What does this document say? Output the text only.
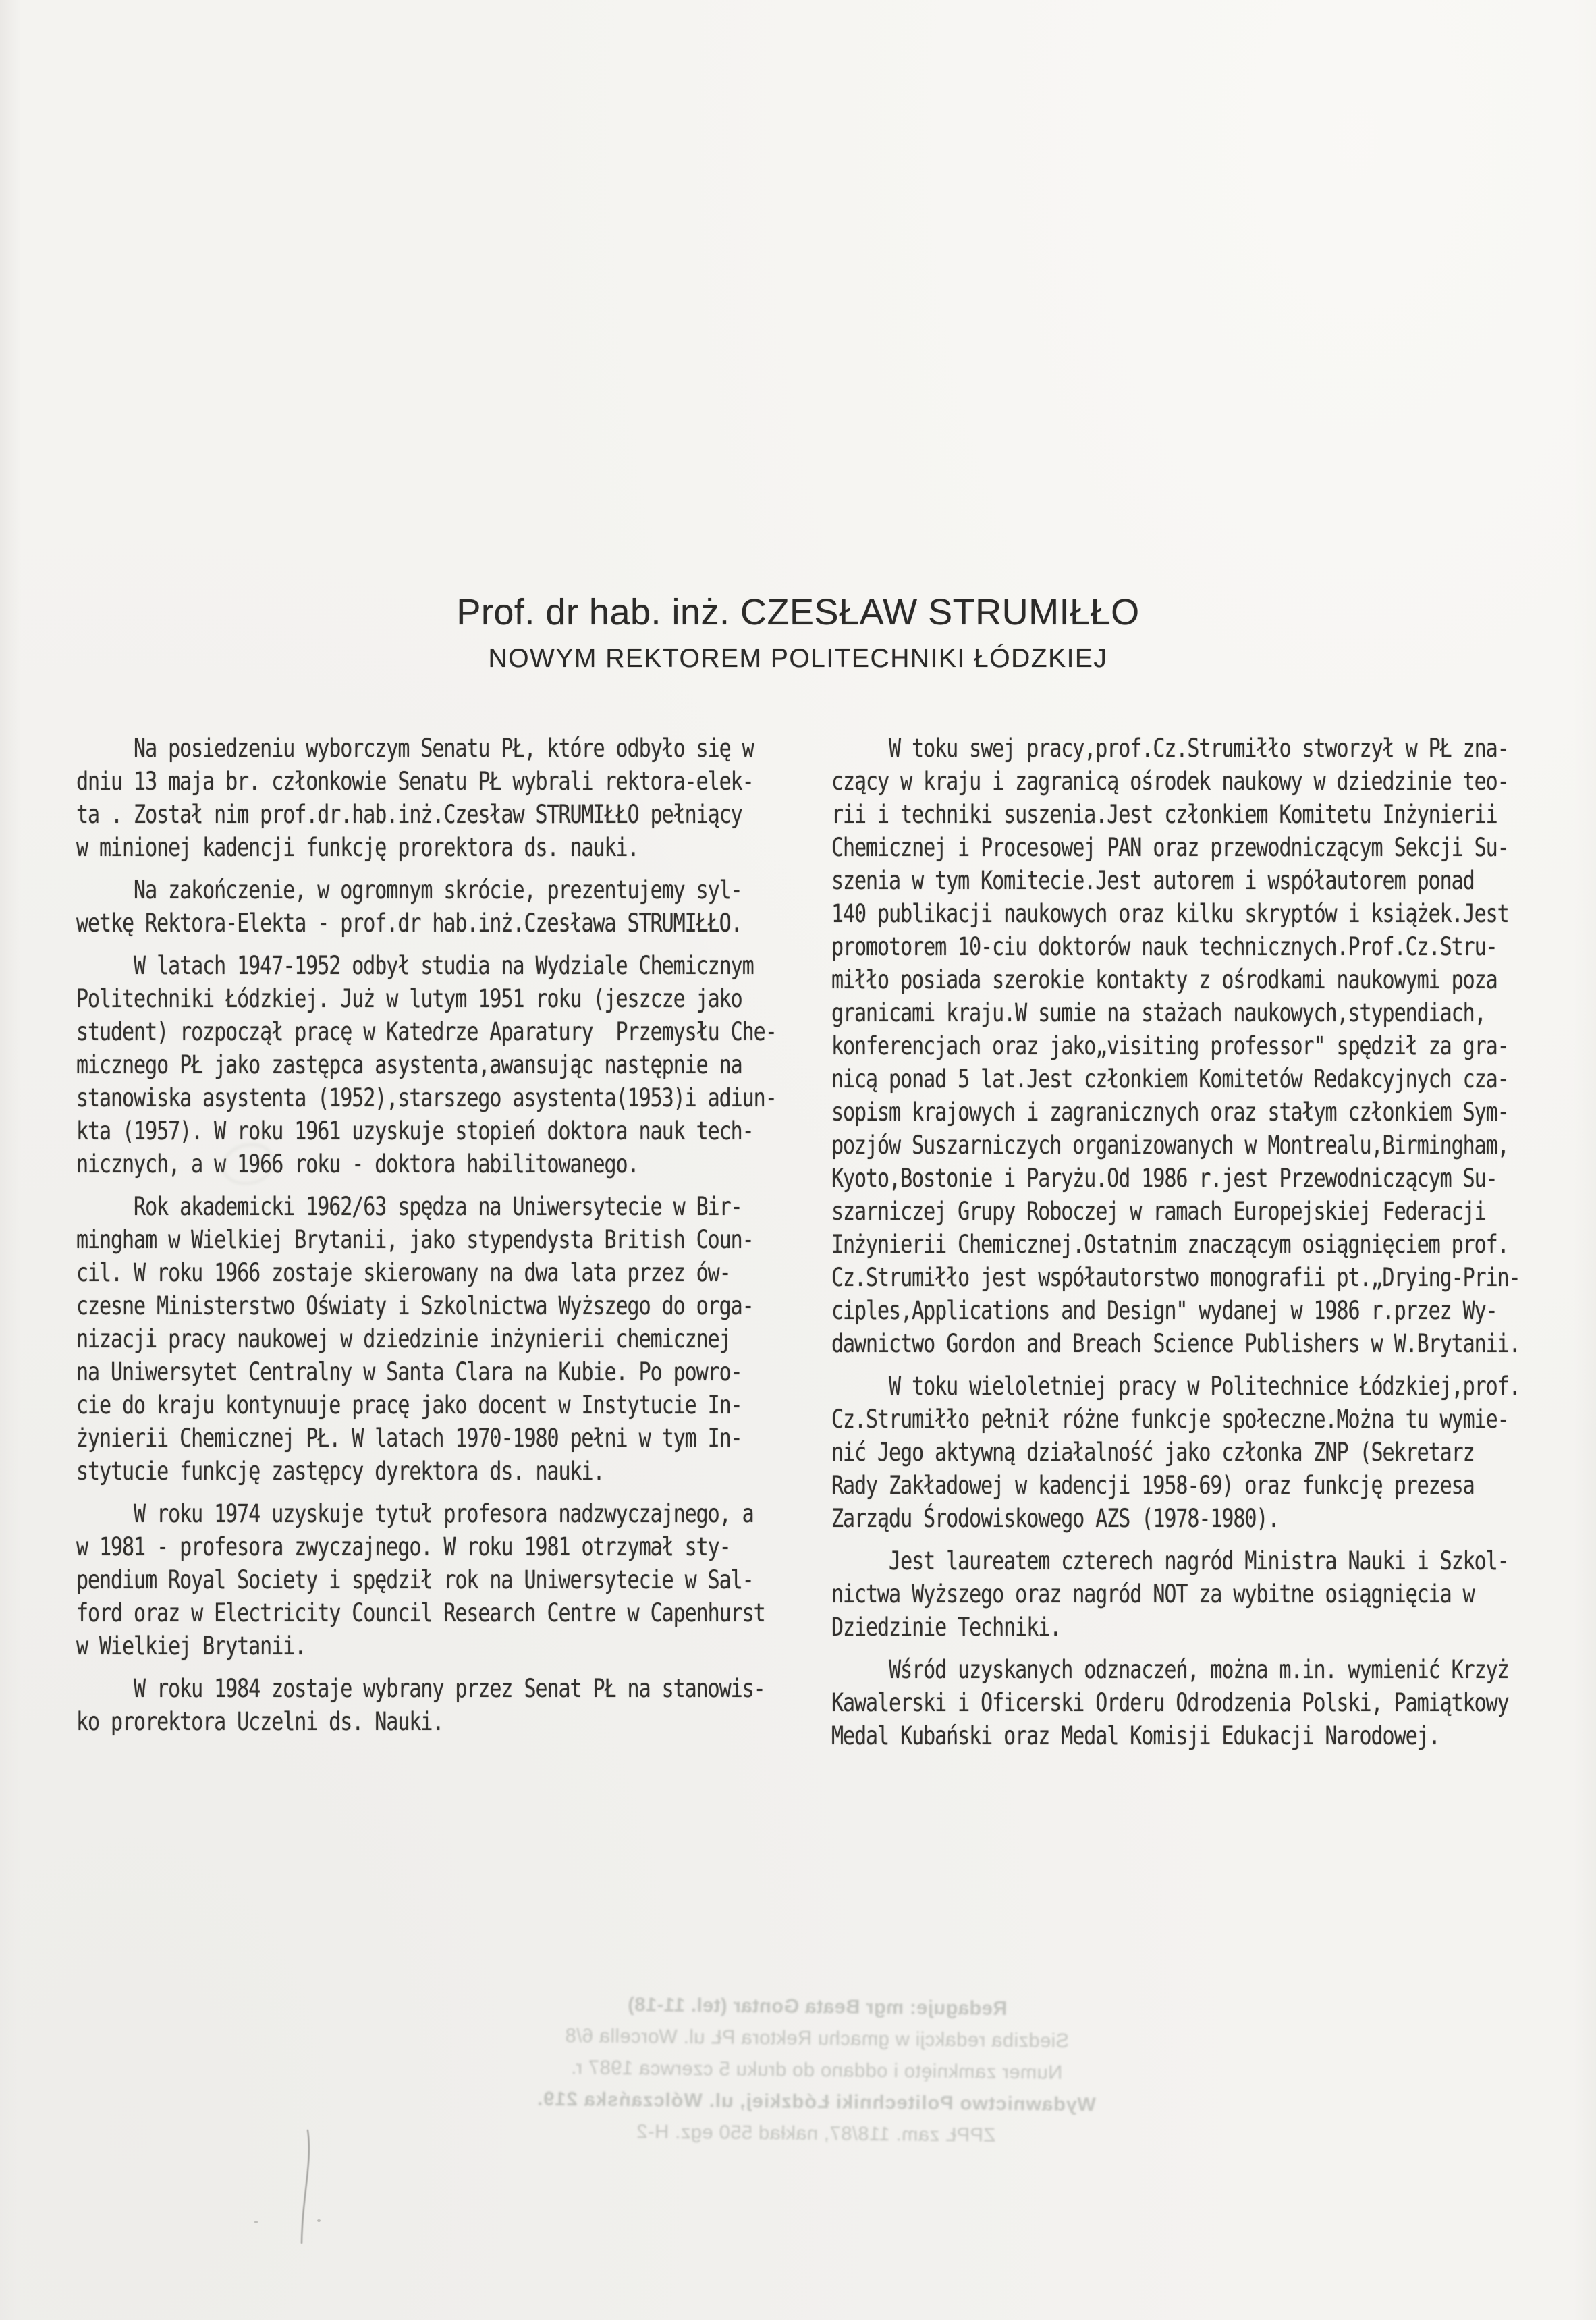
Prof. dr hab. inż. CZESŁAW STRUMIŁŁO
NOWYM REKTOREM POLITECHNIKI ŁÓDZKIEJ
Na posiedzeniu wyborczym Senatu PŁ, które odbyło się w
dniu 13 maja br. członkowie Senatu PŁ wybrali rektora-elek-
ta . Został nim prof.dr.hab.inż.Czesław STRUMIŁŁO pełniący
w minionej kadencji funkcję prorektora ds. nauki.
Na zakończenie, w ogromnym skrócie, prezentujemy syl-
wetkę Rektora-Elekta - prof.dr hab.inż.Czesława STRUMIŁŁO.
W latach 1947-1952 odbył studia na Wydziale Chemicznym
Politechniki Łódzkiej. Już w lutym 1951 roku (jeszcze jako
student) rozpoczął pracę w Katedrze Aparatury  Przemysłu Che-
micznego PŁ jako zastępca asystenta,awansując następnie na
stanowiska asystenta (1952),starszego asystenta(1953)i adiun-
kta (1957). W roku 1961 uzyskuje stopień doktora nauk tech-
nicznych, a w 1966 roku - doktora habilitowanego.
Rok akademicki 1962/63 spędza na Uniwersytecie w Bir-
mingham w Wielkiej Brytanii, jako stypendysta British Coun-
cil. W roku 1966 zostaje skierowany na dwa lata przez ów-
czesne Ministerstwo Oświaty i Szkolnictwa Wyższego do orga-
nizacji pracy naukowej w dziedzinie inżynierii chemicznej
na Uniwersytet Centralny w Santa Clara na Kubie. Po powro-
cie do kraju kontynuuje pracę jako docent w Instytucie In-
żynierii Chemicznej PŁ. W latach 1970-1980 pełni w tym In-
stytucie funkcję zastępcy dyrektora ds. nauki.
W roku 1974 uzyskuje tytuł profesora nadzwyczajnego, a
w 1981 - profesora zwyczajnego. W roku 1981 otrzymał sty-
pendium Royal Society i spędził rok na Uniwersytecie w Sal-
ford oraz w Electricity Council Research Centre w Capenhurst
w Wielkiej Brytanii.
W roku 1984 zostaje wybrany przez Senat PŁ na stanowis-
ko prorektora Uczelni ds. Nauki.
W toku swej pracy,prof.Cz.Strumiłło stworzył w PŁ zna-
czący w kraju i zagranicą ośrodek naukowy w dziedzinie teo-
rii i techniki suszenia.Jest członkiem Komitetu Inżynierii
Chemicznej i Procesowej PAN oraz przewodniczącym Sekcji Su-
szenia w tym Komitecie.Jest autorem i współautorem ponad
140 publikacji naukowych oraz kilku skryptów i książek.Jest
promotorem 10-ciu doktorów nauk technicznych.Prof.Cz.Stru-
miłło posiada szerokie kontakty z ośrodkami naukowymi poza
granicami kraju.W sumie na stażach naukowych,stypendiach,
konferencjach oraz jako„visiting professor" spędził za gra-
nicą ponad 5 lat.Jest członkiem Komitetów Redakcyjnych cza-
sopism krajowych i zagranicznych oraz stałym członkiem Sym-
pozjów Suszarniczych organizowanych w Montrealu,Birmingham,
Kyoto,Bostonie i Paryżu.Od 1986 r.jest Przewodniczącym Su-
szarniczej Grupy Roboczej w ramach Europejskiej Federacji
Inżynierii Chemicznej.Ostatnim znaczącym osiągnięciem prof.
Cz.Strumiłło jest współautorstwo monografii pt.„Drying-Prin-
ciples,Applications and Design" wydanej w 1986 r.przez Wy-
dawnictwo Gordon and Breach Science Publishers w W.Brytanii.
W toku wieloletniej pracy w Politechnice Łódzkiej,prof.
Cz.Strumiłło pełnił różne funkcje społeczne.Można tu wymie-
nić Jego aktywną działalność jako członka ZNP (Sekretarz
Rady Zakładowej w kadencji 1958-69) oraz funkcję prezesa
Zarządu Środowiskowego AZS (1978-1980).
Jest laureatem czterech nagród Ministra Nauki i Szkol-
nictwa Wyższego oraz nagród NOT za wybitne osiągnięcia w
Dziedzinie Techniki.
Wśród uzyskanych odznaczeń, można m.in. wymienić Krzyż
Kawalerski i Oficerski Orderu Odrodzenia Polski, Pamiątkowy
Medal Kubański oraz Medal Komisji Edukacji Narodowej.
Redaguje: mgr Beata Gontar (tel. 11-18)
Siedziba redakcji w gmachu Rektora PŁ ul. Worcella 6/8
Numer zamknięto i oddano do druku 5 czerwca 1987 r.
Wydawnictwo Politechniki Łódzkiej, ul. Wólczańska 219.
ZPPŁ zam. 118/87, nakład 550 egz. H-2
